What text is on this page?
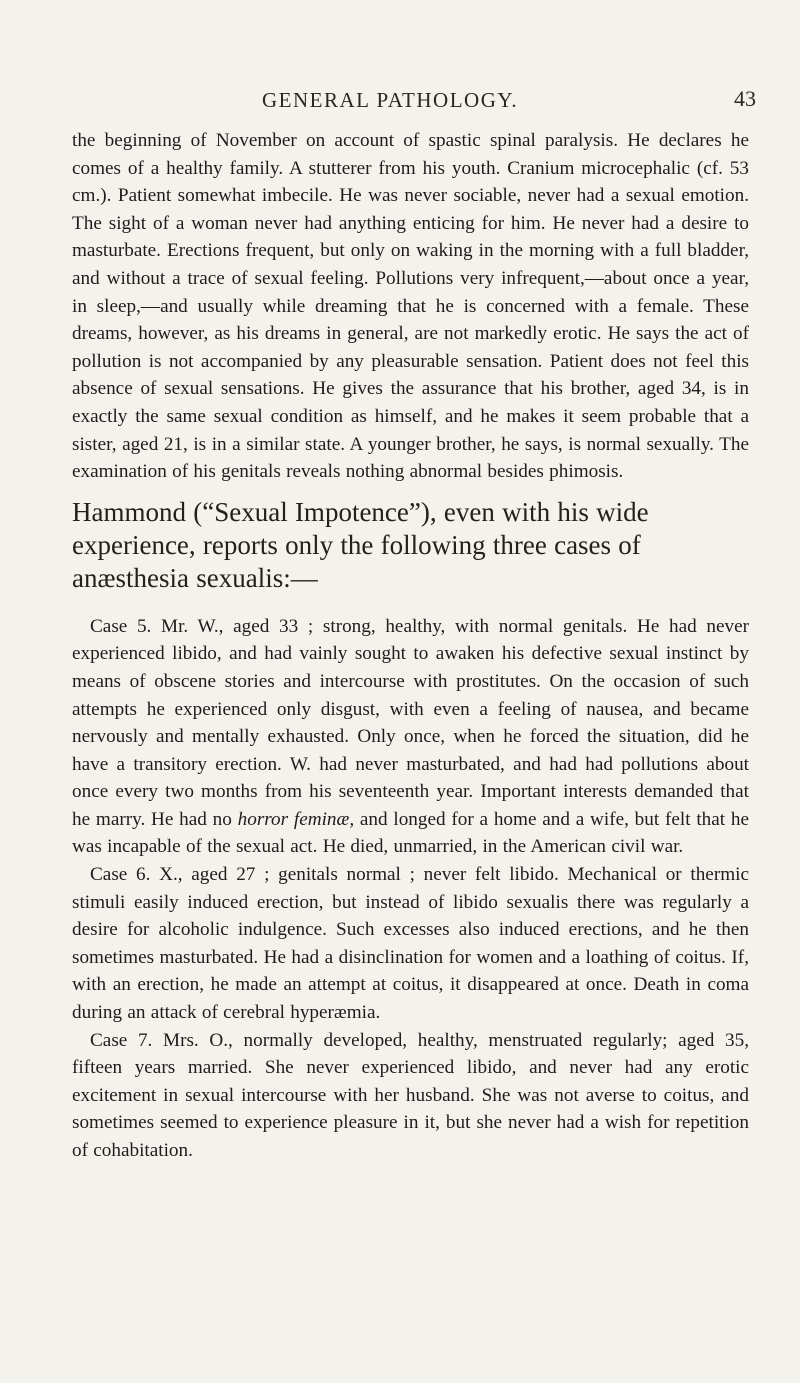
GENERAL PATHOLOGY.	43

the beginning of November on account of spastic spinal paralysis. He declares he comes of a healthy family. A stutterer from his youth. Cranium microcephalic (cf. 53 cm.). Patient somewhat imbecile. He was never sociable, never had a sexual emotion. The sight of a woman never had anything enticing for him. He never had a desire to masturbate. Erections frequent, but only on waking in the morning with a full bladder, and without a trace of sexual feeling. Pollutions very infrequent,—about once a year, in sleep,—and usually while dreaming that he is concerned with a female. These dreams, however, as his dreams in general, are not markedly erotic. He says the act of pollution is not accompanied by any pleasurable sensation. Patient does not feel this absence of sexual sensations. He gives the assurance that his brother, aged 34, is in exactly the same sexual condition as himself, and he makes it seem probable that a sister, aged 21, is in a similar state. A younger brother, he says, is normal sexually. The examination of his genitals reveals nothing abnormal besides phimosis.

Hammond (“Sexual Impotence”), even with his wide experience, reports only the following three cases of anæsthesia sexualis:—

Case 5. Mr. W., aged 33 ; strong, healthy, with normal genitals. He had never experienced libido, and had vainly sought to awaken his defective sexual instinct by means of obscene stories and intercourse with prostitutes. On the occasion of such attempts he experienced only disgust, with even a feeling of nausea, and became nervously and mentally exhausted. Only once, when he forced the situation, did he have a transitory erection. W. had never masturbated, and had had pollutions about once every two months from his seventeenth year. Important interests demanded that he marry. He had no horror feminæ, and longed for a home and a wife, but felt that he was incapable of the sexual act. He died, unmarried, in the American civil war.

Case 6. X., aged 27 ; genitals normal ; never felt libido. Mechanical or thermic stimuli easily induced erection, but instead of libido sexualis there was regularly a desire for alcoholic indulgence. Such excesses also induced erections, and he then sometimes masturbated. He had a disinclination for women and a loathing of coitus. If, with an erection, he made an attempt at coitus, it disappeared at once. Death in coma during an attack of cerebral hyperæmia.

Case 7. Mrs. O., normally developed, healthy, menstruated regularly; aged 35, fifteen years married. She never experienced libido, and never had any erotic excitement in sexual intercourse with her husband. She was not averse to coitus, and sometimes seemed to experience pleasure in it, but she never had a wish for repetition of cohabitation.
